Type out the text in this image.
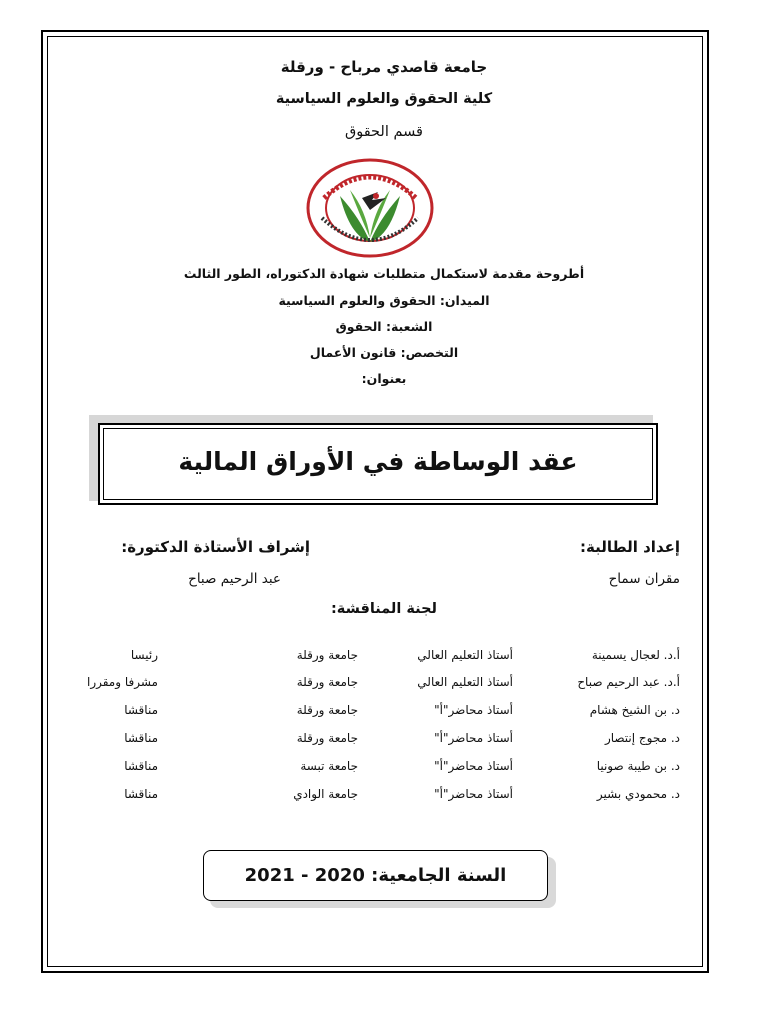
جامعة قاصدي مرباح - ورقلة
كلية الحقوق والعلوم السياسية
قسم الحقوق
أطروحة مقدمة لاستكمال متطلبات شهادة الدكتوراه، الطور الثالث
الميدان: الحقوق والعلوم السياسية
الشعبة: الحقوق
التخصص: قانون الأعمال
بعنوان:
عقد الوساطة في الأوراق المالية
إعداد الطالبة:
إشراف الأستاذة الدكتورة:
مقران سماح
عبد الرحيم صباح
لجنة المناقشة:
أ.د. لعجال يسمينة
أستاذ التعليم العالي
جامعة ورقلة
رئيسا
أ.د. عبد الرحيم صباح
أستاذ التعليم العالي
جامعة ورقلة
مشرفا ومقررا
د. بن الشيخ هشام
أستاذ محاضر"أ"
جامعة ورقلة
مناقشا
د. مجوج إنتصار
أستاذ محاضر"أ"
جامعة ورقلة
مناقشا
د. بن طيبة صونيا
أستاذ محاضر"أ"
جامعة تبسة
مناقشا
د. محمودي بشير
أستاذ محاضر"أ"
جامعة الوادي
مناقشا
السنة الجامعية: 2020 - 2021
